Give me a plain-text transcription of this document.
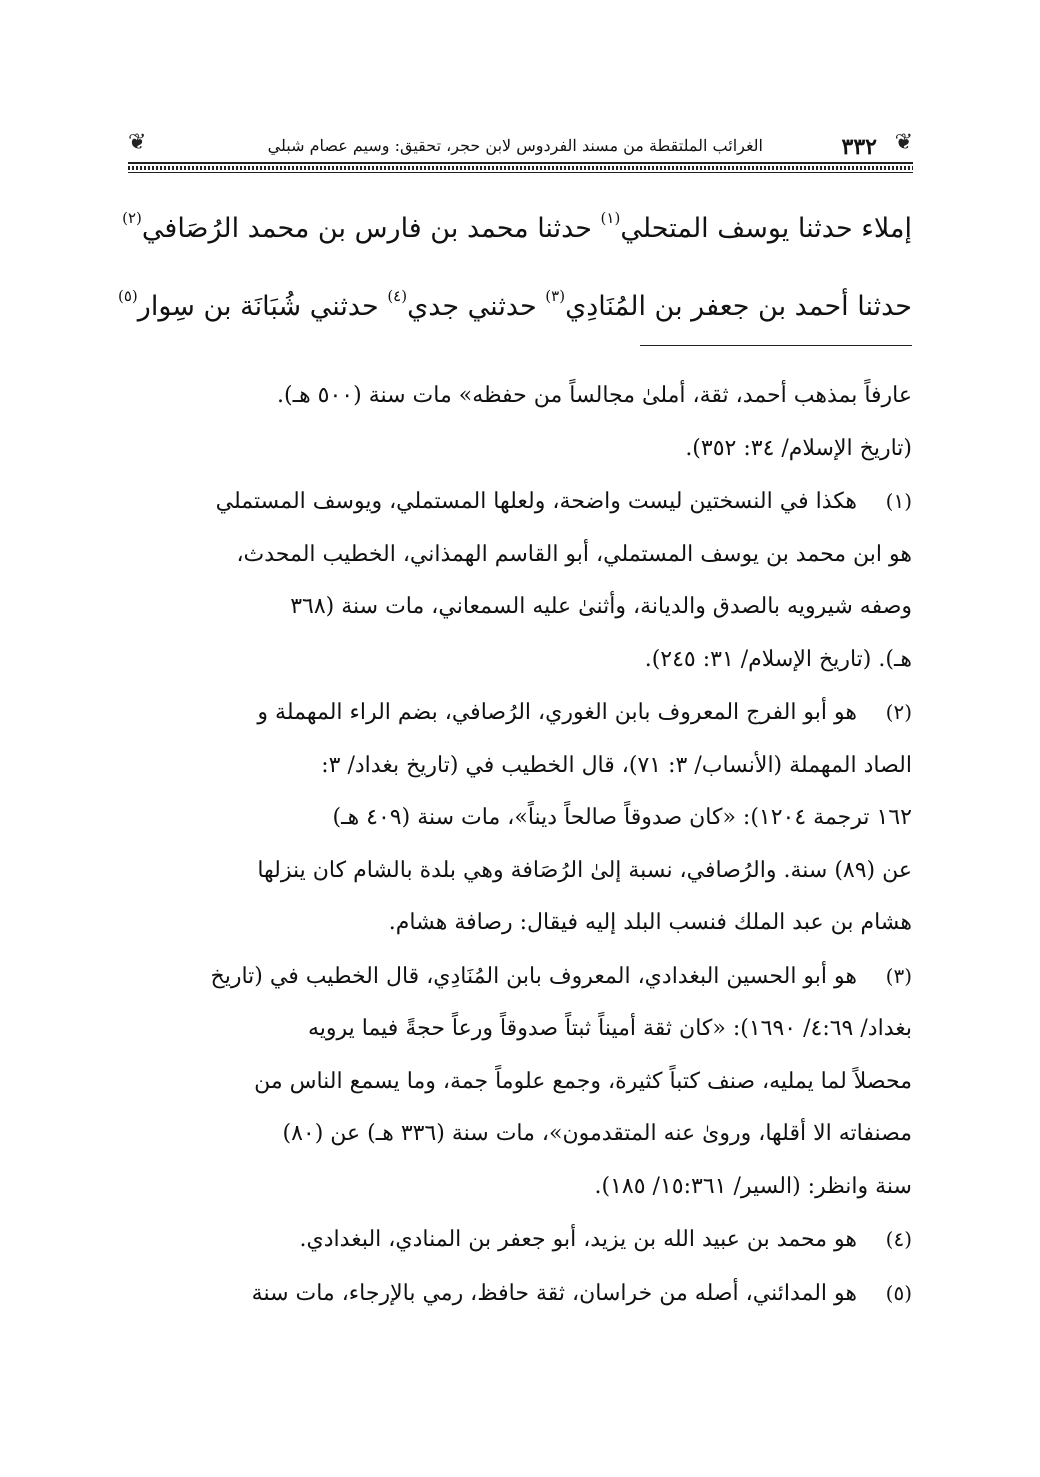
❦
٣٣٢
الغرائب الملتقطة من مسند الفردوس لابن حجر، تحقيق: وسيم عصام شبلي
❦
إملاء حدثنا يوسف المتحلي$^{(١)}$ حدثنا محمد بن فارس بن محمد الرُصَافي$^{(٢)}$
حدثنا أحمد بن جعفر بن المُنَادِي$^{(٣)}$ حدثني جدي$^{(٤)}$ حدثني شُبَانَة بن سِوار$^{(٥)}$
عارفاً بمذهب أحمد، ثقة، أملىٰ مجالساً من حفظه» مات سنة (٥٠٠ هـ).
(تاريخ الإسلام/ ٣٤: ٣٥٢).
(١) هكذا في النسختين ليست واضحة، ولعلها المستملي، ويوسف المستملي
هو ابن محمد بن يوسف المستملي، أبو القاسم الهمذاني، الخطيب المحدث،
وصفه شيرويه بالصدق والديانة، وأثنىٰ عليه السمعاني، مات سنة (٣٦٨
هـ). (تاريخ الإسلام/ ٣١: ٢٤٥).
(٢) هو أبو الفرج المعروف بابن الغوري، الرُصافي، بضم الراء المهملة و
الصاد المهملة (الأنساب/ ٣: ٧١)، قال الخطيب في (تاريخ بغداد/ ٣:
١٦٢ ترجمة ١٢٠٤): «كان صدوقاً صالحاً ديناً»، مات سنة (٤٠٩ هـ)
عن (٨٩) سنة. والرُصافي، نسبة إلىٰ الرُصَافة وهي بلدة بالشام كان ينزلها
هشام بن عبد الملك فنسب البلد إليه فيقال: رصافة هشام.
(٣) هو أبو الحسين البغدادي، المعروف بابن المُنَادِي، قال الخطيب في (تاريخ
بغداد/ ٤:٦٩/ ١٦٩٠): «كان ثقة أميناً ثبتاً صدوقاً ورعاً حجةً فيما يرويه
محصلاً لما يمليه، صنف كتباً كثيرة، وجمع علوماً جمة، وما يسمع الناس من
مصنفاته الا أقلها، وروىٰ عنه المتقدمون»، مات سنة (٣٣٦ هـ) عن (٨٠)
سنة وانظر: (السير/ ١٥:٣٦١/ ١٨٥).
(٤) هو محمد بن عبيد الله بن يزيد، أبو جعفر بن المنادي، البغدادي.
(٥) هو المدائني، أصله من خراسان، ثقة حافظ، رمي بالإرجاء، مات سنة
